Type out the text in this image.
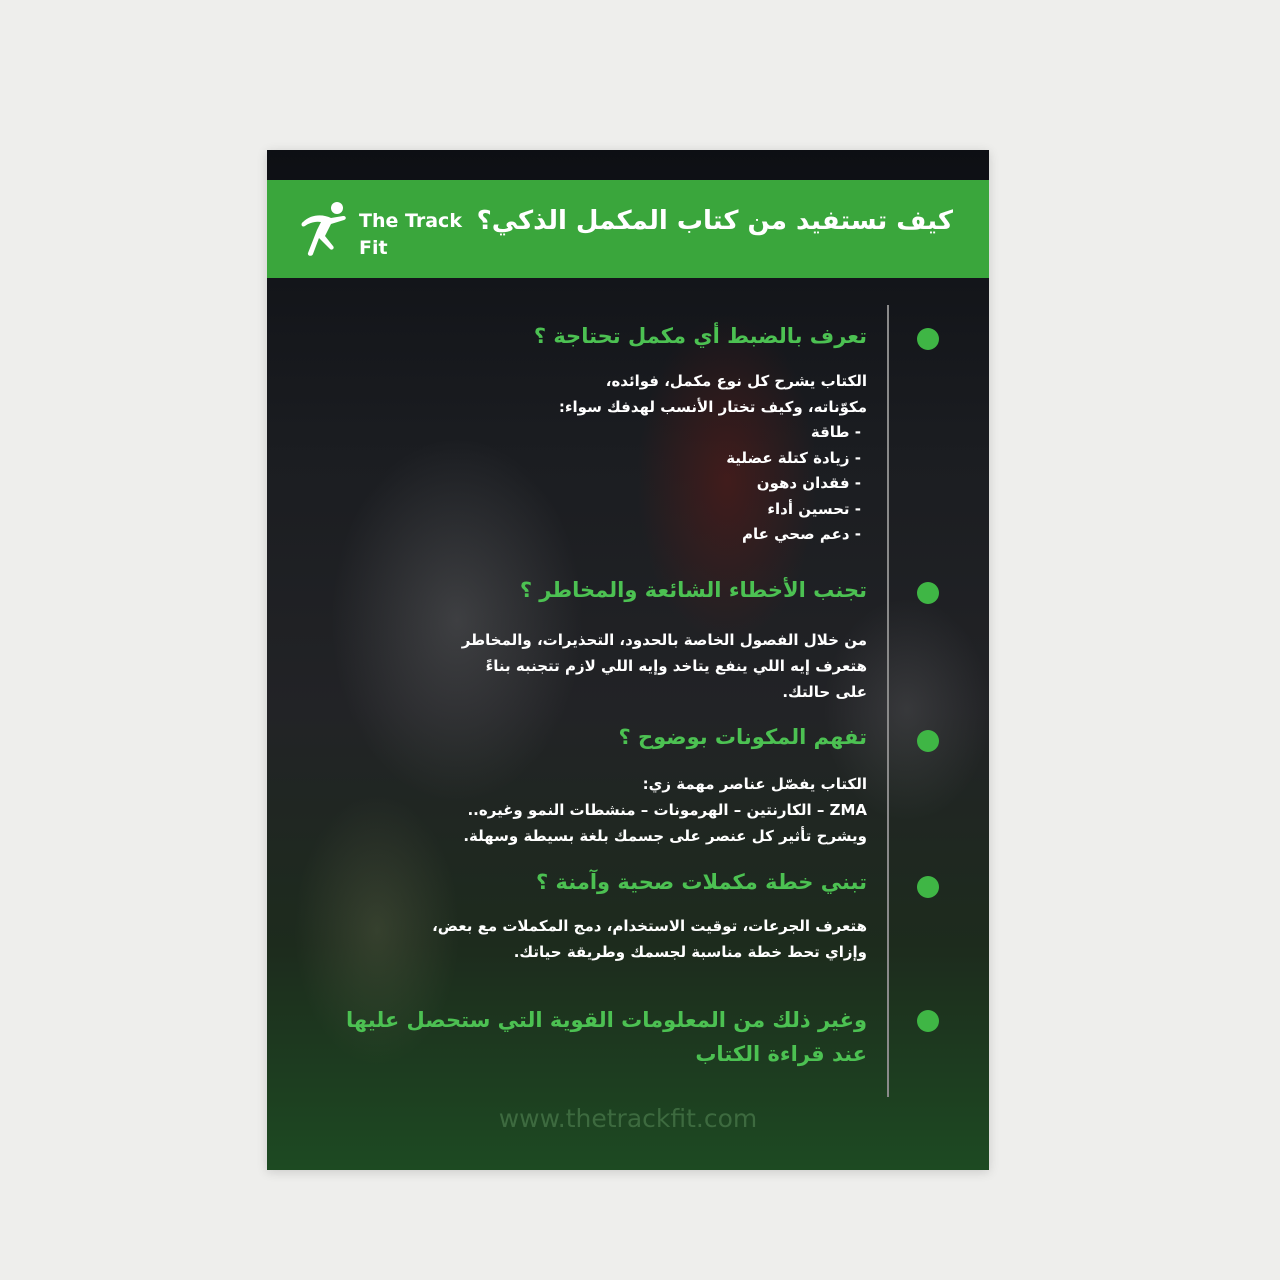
The Track
Fit
كيف تستفيد من كتاب المكمل الذكي؟
تعرف بالضبط أي مكمل تحتاجة ؟
الكتاب يشرح كل نوع مكمل، فوائده،
مكوّناته، وكيف تختار الأنسب لهدفك سواء:
- طاقة
- زيادة كتلة عضلية
- فقدان دهون
- تحسين أداء
- دعم صحي عام
تجنب الأخطاء الشائعة والمخاطر ؟
من خلال الفصول الخاصة بالحدود، التحذيرات، والمخاطر
هتعرف إيه اللي ينفع يتاخد وإيه اللي لازم تتجنبه بناءً
على حالتك.
تفهم المكونات بوضوح ؟
الكتاب يفصّل عناصر مهمة زي:
ZMA – الكارنتين – الهرمونات – منشطات النمو وغيره..
ويشرح تأثير كل عنصر على جسمك بلغة بسيطة وسهلة.
تبني خطة مكملات صحية وآمنة ؟
هتعرف الجرعات، توقيت الاستخدام، دمج المكملات مع بعض،
وإزاي تحط خطة مناسبة لجسمك وطريقة حياتك.
وغير ذلك من المعلومات القوية التي ستحصل عليها
عند قراءة الكتاب
www.thetrackfit.com
